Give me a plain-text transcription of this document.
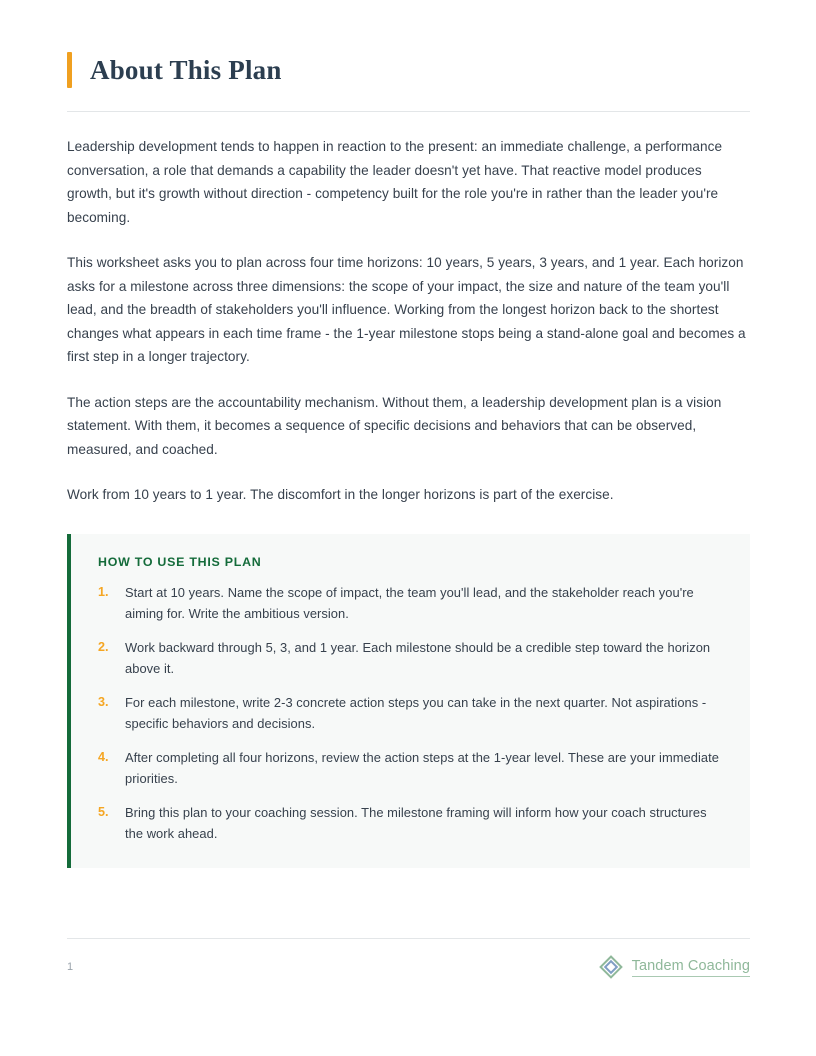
About This Plan

Leadership development tends to happen in reaction to the present: an immediate challenge, a performance conversation, a role that demands a capability the leader doesn't yet have. That reactive model produces growth, but it's growth without direction - competency built for the role you're in rather than the leader you're becoming.

This worksheet asks you to plan across four time horizons: 10 years, 5 years, 3 years, and 1 year. Each horizon asks for a milestone across three dimensions: the scope of your impact, the size and nature of the team you'll lead, and the breadth of stakeholders you'll influence. Working from the longest horizon back to the shortest changes what appears in each time frame - the 1-year milestone stops being a stand-alone goal and becomes a first step in a longer trajectory.

The action steps are the accountability mechanism. Without them, a leadership development plan is a vision statement. With them, it becomes a sequence of specific decisions and behaviors that can be observed, measured, and coached.

Work from 10 years to 1 year. The discomfort in the longer horizons is part of the exercise.

HOW TO USE THIS PLAN
1.	Start at 10 years. Name the scope of impact, the team you'll lead, and the stakeholder reach you're aiming for. Write the ambitious version.
2.	Work backward through 5, 3, and 1 year. Each milestone should be a credible step toward the horizon above it.
3.	For each milestone, write 2-3 concrete action steps you can take in the next quarter. Not aspirations - specific behaviors and decisions.
4.	After completing all four horizons, review the action steps at the 1-year level. These are your immediate priorities.
5.	Bring this plan to your coaching session. The milestone framing will inform how your coach structures the work ahead.
1	Tandem Coaching
